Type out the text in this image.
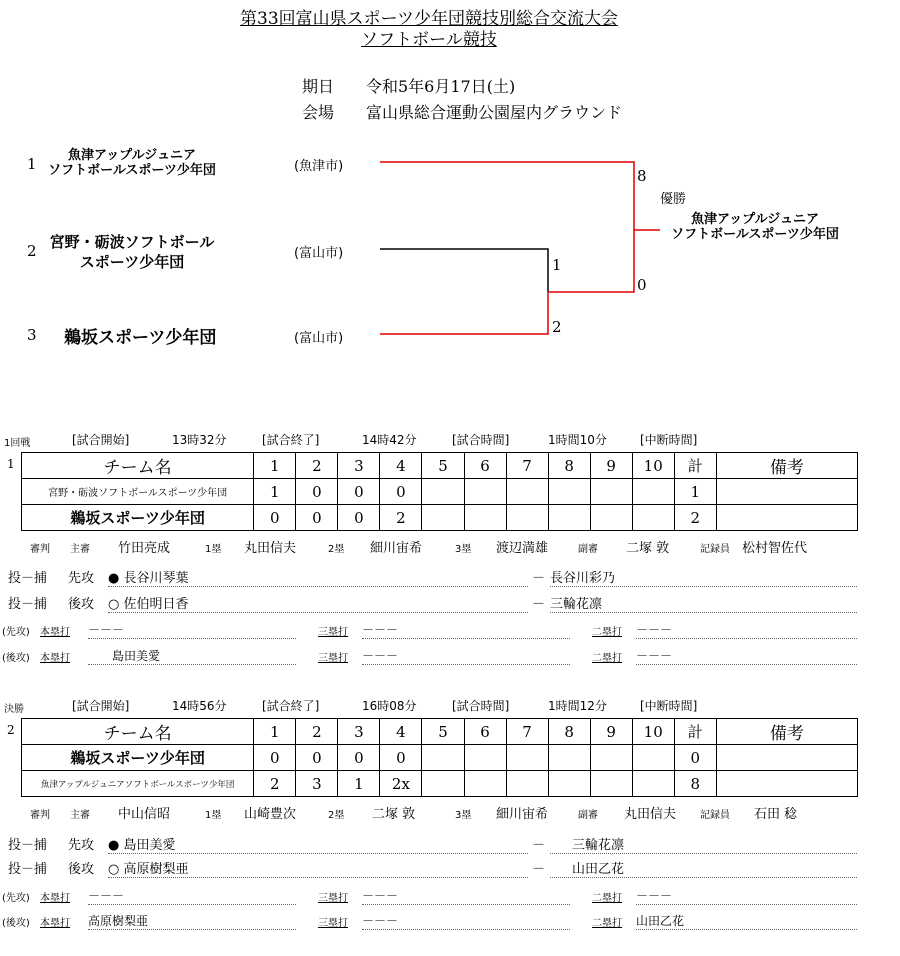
第33回富山県スポーツ少年団競技別総合交流大会
ソフトボール競技
期日 令和5年6月17日(土)
会場 富山県総合運動公園屋内グラウンド
1	魚津アップルジュニア
ソフトボールスポーツ少年団	(魚津市)
2 宮野・砺波ソフトボール
スポーツ少年団	(富山市)
3 鵜坂スポーツ少年団	(富山市)
8
0
1
2
優勝
魚津アップルジュニア
ソフトボールスポーツ少年団
1回戦	[試合開始]	13時32分	[試合終了]	14時42分	[試合時間]	1時間10分	[中断時間]
1	チーム名	1	2	3	4	5	6	7	8	9	10	計	備考
宮野・砺波ソフトボールスポーツ少年団	1	0	0	0							1	
鵜坂スポーツ少年団	0	0	0	2							2	
審判 主審 竹田亮成	1塁 丸田信夫	2塁 細川宙希	3塁 渡辺満雄	副審 二塚 敦	記録員 松村智佐代
投－捕 先攻 ● 長谷川琴葉	－ 長谷川彩乃
投－捕 後攻 ○ 佐伯明日香	－ 三輪花凛
(先攻) 本塁打 －－－	三塁打 －－－	二塁打 －－－
(後攻) 本塁打	島田美愛	三塁打 －－－	二塁打 －－－
決勝	[試合開始]	14時56分	[試合終了]	16時08分	[試合時間]	1時間12分	[中断時間]
2	チーム名	1	2	3	4	5	6	7	8	9	10	計	備考
鵜坂スポーツ少年団	0	0	0	0							0	
魚津アップルジュニアソフトボールスポーツ少年団	2	3	1	2x							8	
審判 主審 中山信昭	1塁 山崎豊次	2塁 二塚 敦	3塁 細川宙希	副審 丸田信夫 記録員 石田 稔
投－捕 先攻 ● 島田美愛	－	三輪花凛
投－捕 後攻 ○ 高原樹梨亜	－	山田乙花
(先攻) 本塁打 －－－	三塁打 －－－	二塁打 －－－
(後攻) 本塁打 高原樹梨亜	三塁打 －－－	二塁打 山田乙花
